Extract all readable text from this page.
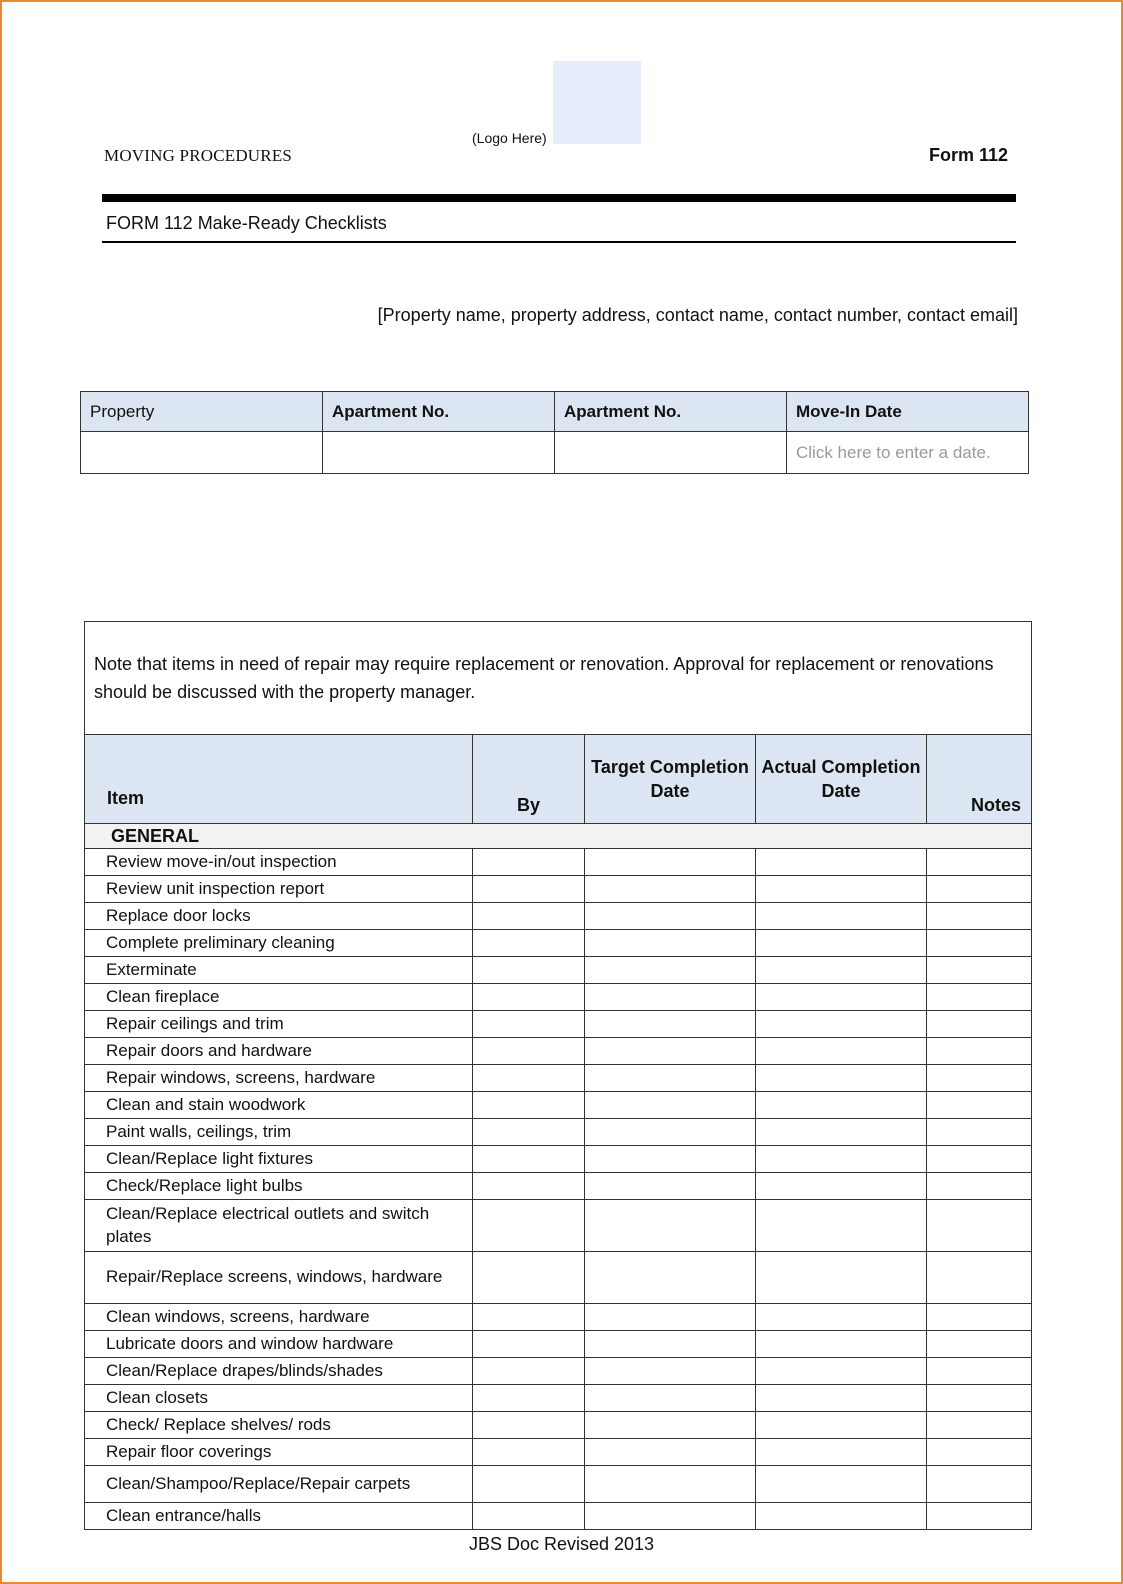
(Logo Here)
MOVING PROCEDURES	Form 112
FORM 112 Make-Ready Checklists
[Property name, property address, contact name, contact number, contact email]
Property	Apartment No.	Apartment No.	Move-In Date
			Click here to enter a date.
Note that items in need of repair may require replacement or renovation. Approval for replacement or renovations should be discussed with the property manager.				
Item	By	Target Completion Date	Actual Completion Date	Notes
GENERAL				
Review move-in/out inspection				
Review unit inspection report				
Replace door locks				
Complete preliminary cleaning				
Exterminate				
Clean fireplace				
Repair ceilings and trim				
Repair doors and hardware				
Repair windows, screens, hardware				
Clean and stain woodwork				
Paint walls, ceilings, trim				
Clean/Replace light fixtures				
Check/Replace light bulbs				
Clean/Replace electrical outlets and switch plates				
Repair/Replace screens, windows, hardware				
Clean windows, screens, hardware				
Lubricate doors and window hardware				
Clean/Replace drapes/blinds/shades				
Clean closets				
Check/ Replace shelves/ rods				
Repair floor coverings				
Clean/Shampoo/Replace/Repair carpets				
Clean entrance/halls				
JBS Doc Revised 2013
